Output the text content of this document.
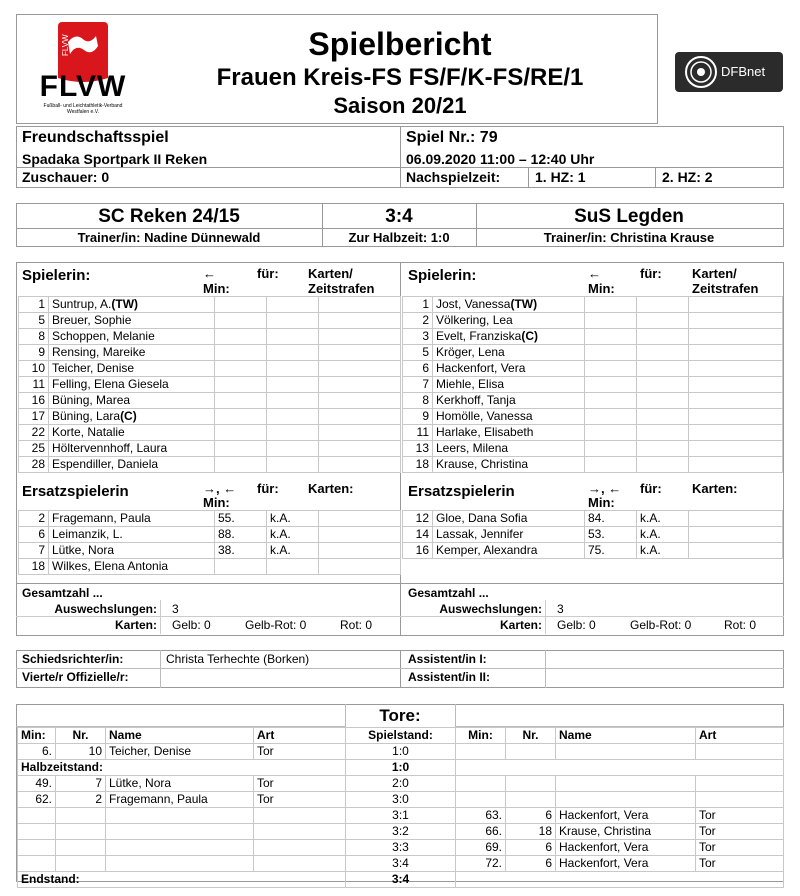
FLVW
FLVW
Fußball- und Leichtathletik-Verband Westfalen e.V.
Spielbericht
Frauen Kreis-FS FS/F/K-FS/RE/1
Saison 20/21
DFBnet
Freundschaftsspiel	Spiel Nr.: 79
Spadaka Sportpark II Reken	06.09.2020 11:00 – 12:40 Uhr
Zuschauer: 0	Nachspielzeit: 1. HZ: 1	2. HZ: 2
SC Reken 24/15	3:4	SuS Legden
Trainer/in: Nadine Dünnewald	Zur Halbzeit: 1:0	Trainer/in: Christina Krause
Spielerin:	←
Min:
für: Karten/
Zeitstrafen
Spielerin:	←
Min:
für: Karten/
Zeitstrafen
1	Suntrup, A.(TW)			
5	Breuer, Sophie			
8	Schoppen, Melanie			
9	Rensing, Mareike			
10	Teicher, Denise			
11	Felling, Elena Giesela			
16	Büning, Marea			
17	Büning, Lara(C)			
22	Korte, Natalie			
25	Höltervennhoff, Laura			
28	Espendiller, Daniela			
1	Jost, Vanessa(TW)			
2	Völkering, Lea			
3	Evelt, Franziska(C)			
5	Kröger, Lena			
6	Hackenfort, Vera			
7	Miehle, Elisa			
8	Kerkhoff, Tanja			
9	Homölle, Vanessa			
11	Harlake, Elisabeth			
13	Leers, Milena			
18	Krause, Christina			
Ersatzspielerin	→, ←
Min:
für: Karten:	Ersatzspielerin	→, ←
Min:
für: Karten:
2	Fragemann, Paula	55.	k.A.	
6	Leimanzik, L.	88.	k.A.	
7	Lütke, Nora	38.	k.A.	
18	Wilkes, Elena Antonia			
12	Gloe, Dana Sofia	84.	k.A.	
14	Lassak, Jennifer	53.	k.A.	
16	Kemper, Alexandra	75.	k.A.	
Gesamtzahl ...
Auswechslungen: 3
Karten: Gelb: 0	Gelb-Rot: 0	Rot: 0
Gesamtzahl ...
Auswechslungen: 3
Karten: Gelb: 0	Gelb-Rot: 0	Rot: 0
Schiedsrichter/in:	Christa Terhechte (Borken)
Vierte/r Offizielle/r:
Assistent/in I:
Assistent/in II:
Tore:
Min:	Nr.	Name	Art	Spielstand:	Min:	Nr.	Name	Art
6.	10	Teicher, Denise	Tor	1:0				
Halbzeitstand:				1:0				
49.	7	Lütke, Nora	Tor	2:0				
62.	2	Fragemann, Paula	Tor	3:0				
				3:1	63.	6	Hackenfort, Vera	Tor
				3:2	66.	18	Krause, Christina	Tor
				3:3	69.	6	Hackenfort, Vera	Tor
				3:4	72.	6	Hackenfort, Vera	Tor
Endstand:				3:4				
